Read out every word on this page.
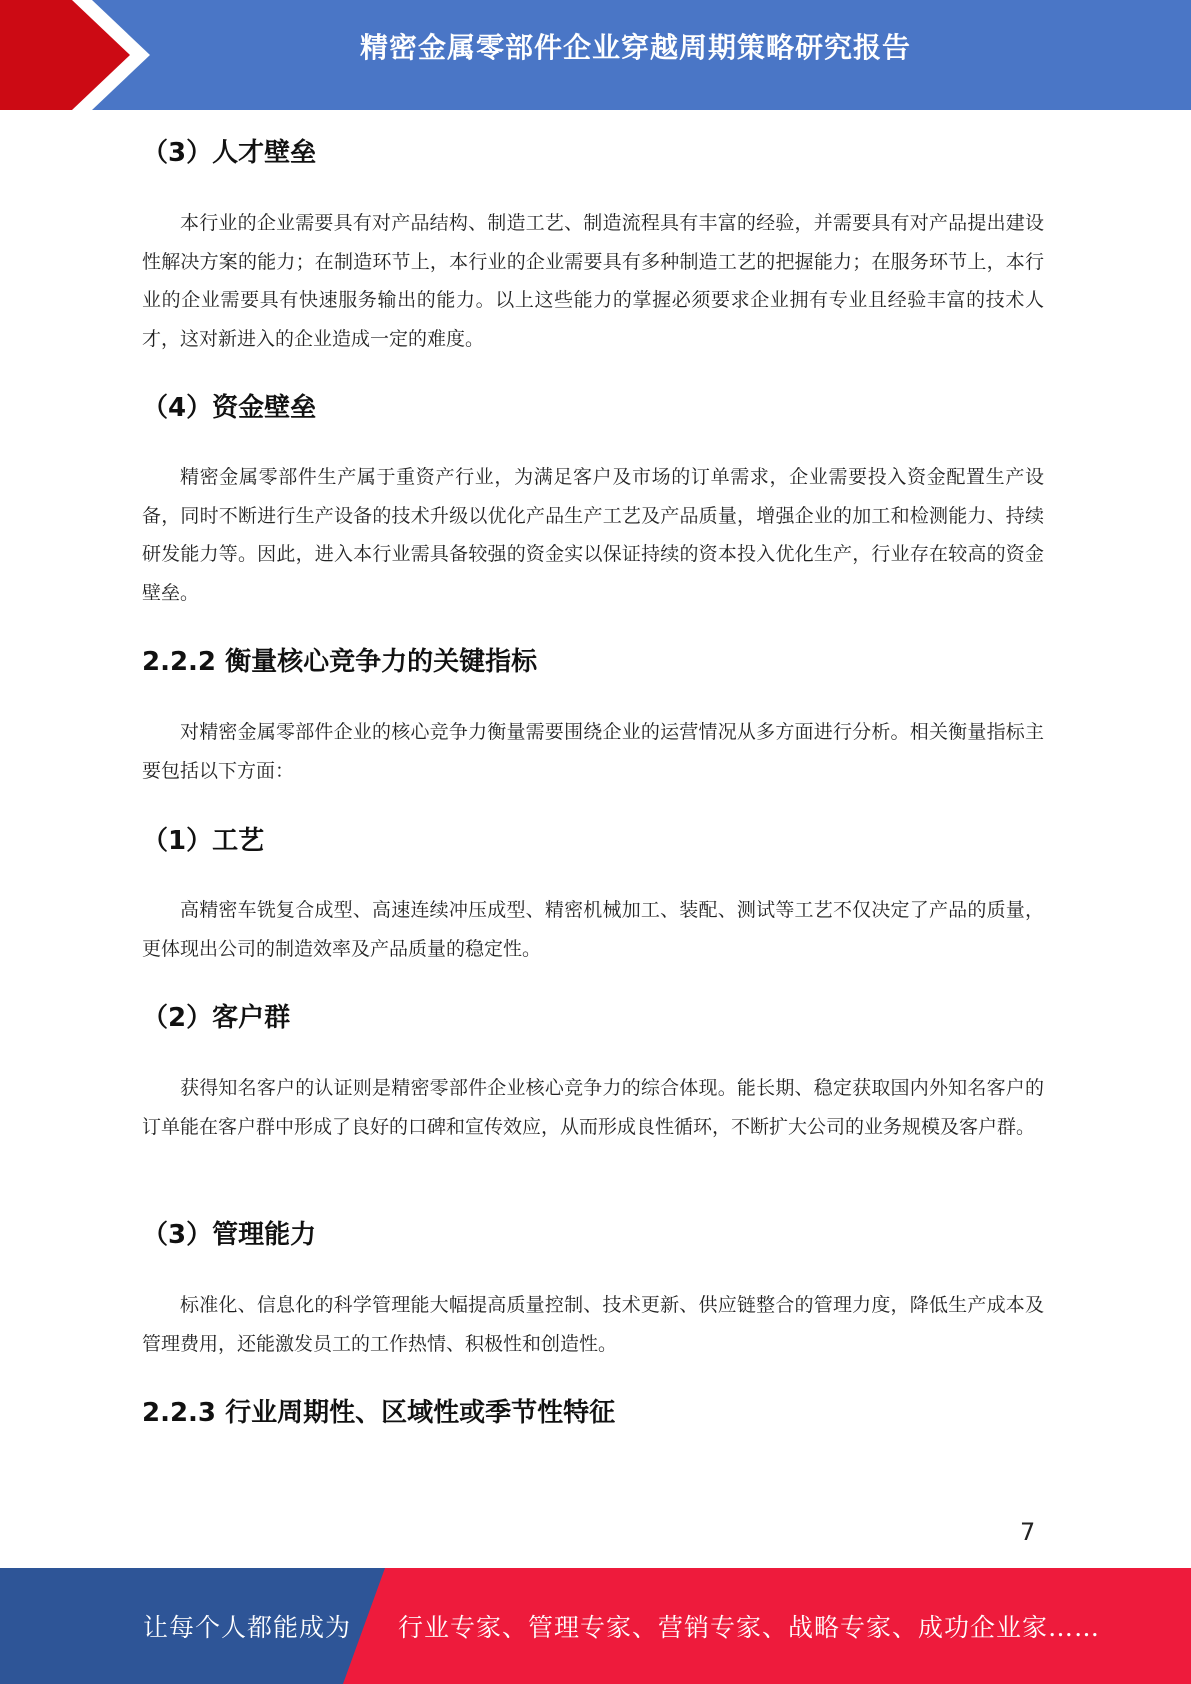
精密金属零部件企业穿越周期策略研究报告
（3）人才壁垒
本行业的企业需要具有对产品结构、制造工艺、制造流程具有丰富的经验，并需要具有对产品提出建设性解决方案的能力；在制造环节上，本行业的企业需要具有多种制造工艺的把握能力；在服务环节上，本行业的企业需要具有快速服务输出的能力。以上这些能力的掌握必须要求企业拥有专业且经验丰富的技术人才，这对新进入的企业造成一定的难度。
（4）资金壁垒
精密金属零部件生产属于重资产行业，为满足客户及市场的订单需求，企业需要投入资金配置生产设备，同时不断进行生产设备的技术升级以优化产品生产工艺及产品质量，增强企业的加工和检测能力、持续研发能力等。因此，进入本行业需具备较强的资金实以保证持续的资本投入优化生产，行业存在较高的资金壁垒。
2.2.2 衡量核心竞争力的关键指标
对精密金属零部件企业的核心竞争力衡量需要围绕企业的运营情况从多方面进行分析。相关衡量指标主要包括以下方面：
（1）工艺
高精密车铣复合成型、高速连续冲压成型、精密机械加工、装配、测试等工艺不仅决定了产品的质量，更体现出公司的制造效率及产品质量的稳定性。
（2）客户群
获得知名客户的认证则是精密零部件企业核心竞争力的综合体现。能长期、稳定获取国内外知名客户的订单能在客户群中形成了良好的口碑和宣传效应，从而形成良性循环，不断扩大公司的业务规模及客户群。
（3）管理能力
标准化、信息化的科学管理能大幅提高质量控制、技术更新、供应链整合的管理力度，降低生产成本及管理费用，还能激发员工的工作热情、积极性和创造性。
2.2.3 行业周期性、区域性或季节性特征
7
让每个人都能成为 行业专家、管理专家、营销专家、战略专家、成功企业家……
